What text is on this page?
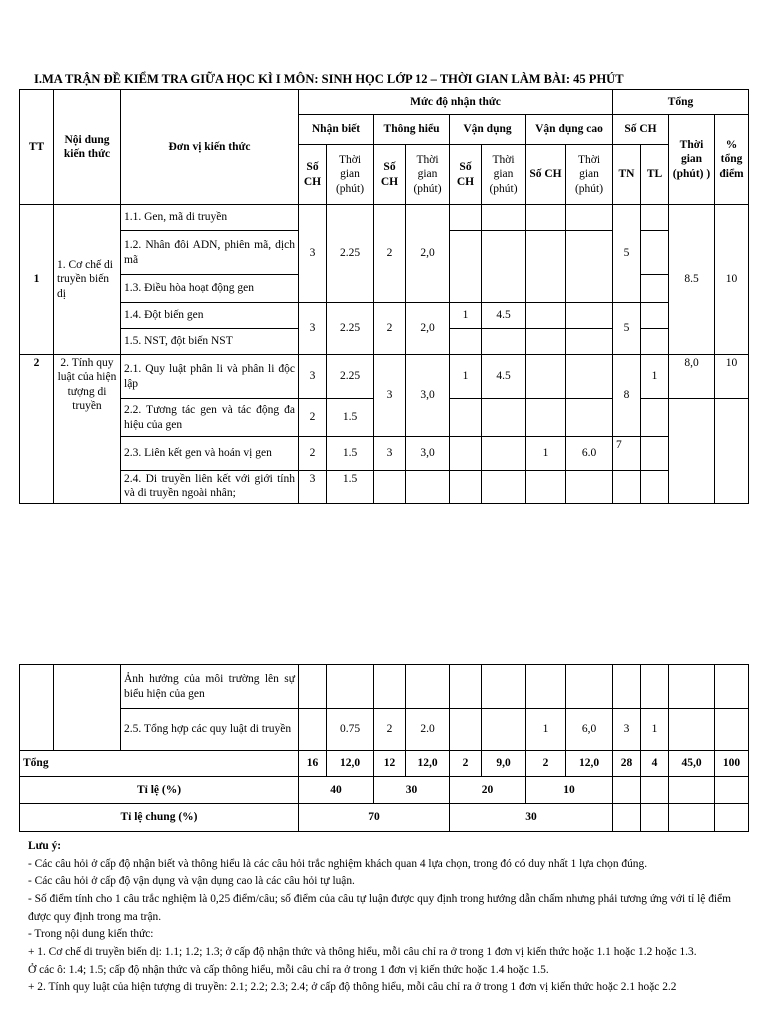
I.MA TRẬN ĐỀ KIỂM TRA GIỮA HỌC KÌ I MÔN: SINH HỌC LỚP 12 – THỜI GIAN LÀM BÀI: 45 PHÚT
TT	Nội dung kiến thức	Đơn vị kiến thức	Mức độ nhận thức								Tổng			
			Nhận biết		Thông hiểu		Vận dụng		Vận dụng cao		Số CH		Thời gian (phút) )	% tổng điểm
			Số CH	Thời gian (phút)	Số CH	Thời gian (phút)	Số CH	Thời gian (phút)	Số CH	Thời gian (phút)	TN	TL		
1	1. Cơ chế di truyền biến dị	1.1. Gen, mã di truyền	3	2.25	2	2,0					5		8.5	10
		1.2. Nhân đôi ADN, phiên mã, dịch mã												
		1.3. Điều hòa hoạt động gen												
		1.4. Đột biến gen	3	2.25	2	2,0	1	4.5			5			
		1.5. NST, đột biến NST												
2	2. Tính quy luật của hiện tượng di truyền	2.1. Quy luật phân li và phân li độc lập	3	2.25	3	3,0	1	4.5			8	1	8,0	10
		2.2. Tương tác gen và tác động đa hiệu của gen	2	1.5										
		2.3. Liên kết gen và hoán vị gen	2	1.5	3	3,0			1	6.0	7			
		2.4. Di truyền liên kết với giới tính và di truyền ngoài nhân;	3	1.5										
		Ảnh hưởng của môi trường lên sự biểu hiện của gen												
		2.5. Tổng hợp các quy luật di truyền		0.75	2	2.0			1	6,0	3	1		
Tổng			16	12,0	12	12,0	2	9,0	2	12,0	28	4	45,0	100
Tỉ lệ (%)			40		30		20		10					
Tỉ lệ chung (%)			70				30							

Lưu ý:

- Các câu hỏi ở cấp độ nhận biết và thông hiểu là các câu hỏi trắc nghiệm khách quan 4 lựa chọn, trong đó có duy nhất 1 lựa chọn đúng.

- Các câu hỏi ở cấp độ vận dụng và vận dụng cao là các câu hỏi tự luận.

- Số điểm tính cho 1 câu trắc nghiệm là 0,25 điểm/câu; số điểm của câu tự luận được quy định trong hướng dẫn chấm nhưng phải tương ứng với tỉ lệ điểm được quy định trong ma trận.

- Trong nội dung kiến thức:

+ 1. Cơ chế di truyền biến dị: 1.1; 1.2; 1.3; ở cấp độ nhận thức và thông hiểu, mỗi câu chỉ ra ở trong 1 đơn vị kiến thức hoặc 1.1 hoặc 1.2 hoặc 1.3.

Ở các ô: 1.4; 1.5; cấp độ nhận thức và cấp thông hiểu, mỗi câu chỉ ra ở trong 1 đơn vị kiến thức hoặc 1.4 hoặc 1.5.

+ 2. Tính quy luật của hiện tượng di truyền: 2.1; 2.2; 2.3; 2.4; ở cấp độ thông hiểu, mỗi câu chỉ ra ở trong 1 đơn vị kiến thức hoặc 2.1 hoặc 2.2
